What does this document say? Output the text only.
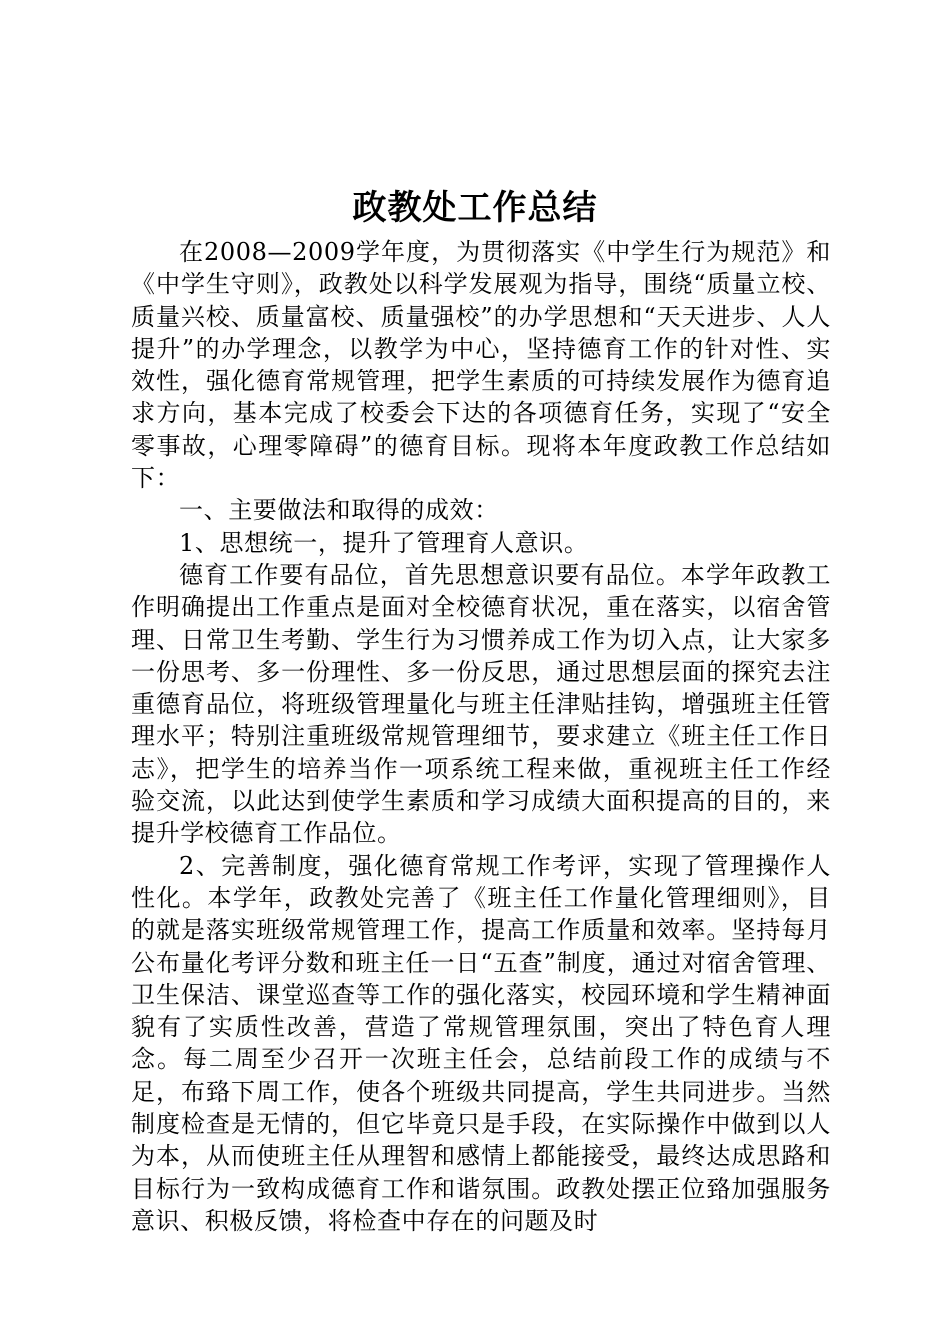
政教处工作总结

在2008—2009学年度，为贯彻落实《中学生行为规范》和《中学生守则》，政教处以科学发展观为指导，围绕“质量立校、质量兴校、质量富校、质量强校”的办学思想和“天天进步、人人提升”的办学理念，以教学为中心，坚持德育工作的针对性、实效性，强化德育常规管理，把学生素质的可持续发展作为德育追求方向，基本完成了校委会下达的各项德育任务，实现了“安全零事故，心理零障碍”的德育目标。现将本年度政教工作总结如下：

一、主要做法和取得的成效：

1、思想统一，提升了管理育人意识。

德育工作要有品位，首先思想意识要有品位。本学年政教工作明确提出工作重点是面对全校德育状况，重在落实，以宿舍管理、日常卫生考勤、学生行为习惯养成工作为切入点，让大家多一份思考、多一份理性、多一份反思，通过思想层面的探究去注重德育品位，将班级管理量化与班主任津贴挂钩，增强班主任管理水平；特别注重班级常规管理细节，要求建立《班主任工作日志》，把学生的培养当作一项系统工程来做，重视班主任工作经验交流，以此达到使学生素质和学习成绩大面积提高的目的，来提升学校德育工作品位。

2、完善制度，强化德育常规工作考评，实现了管理操作人性化。本学年，政教处完善了《班主任工作量化管理细则》，目的就是落实班级常规管理工作，提高工作质量和效率。坚持每月公布量化考评分数和班主任一日“五查”制度，通过对宿舍管理、卫生保洁、课堂巡查等工作的强化落实，校园环境和学生精神面貌有了实质性改善，营造了常规管理氛围，突出了特色育人理念。每二周至少召开一次班主任会，总结前段工作的成绩与不足，布臵下周工作，使各个班级共同提高，学生共同进步。当然制度检查是无情的，但它毕竟只是手段，在实际操作中做到以人为本，从而使班主任从理智和感情上都能接受，最终达成思路和目标行为一致构成德育工作和谐氛围。政教处摆正位臵加强服务意识、积极反馈，将检查中存在的问题及时
